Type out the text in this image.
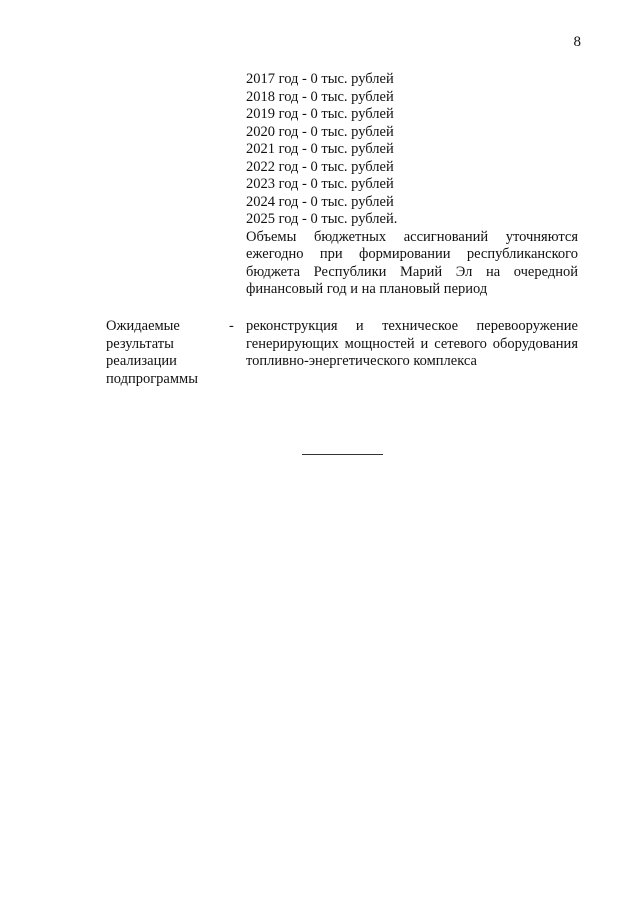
8
2017 год - 0 тыс. рублей
2018 год - 0 тыс. рублей
2019 год - 0 тыс. рублей
2020 год - 0 тыс. рублей
2021 год - 0 тыс. рублей
2022 год - 0 тыс. рублей
2023 год - 0 тыс. рублей
2024 год - 0 тыс. рублей
2025 год - 0 тыс. рублей.
Объемы бюджетных ассигнований уточняются ежегодно при формировании республиканского бюджета Республики Марий Эл на очередной финансовый год и на плановый период
Ожидаемые
результаты
реализации
подпрограммы
- реконструкция и техническое перевооружение генерирующих мощностей и сетевого оборудования топливно-энергетического комплекса
